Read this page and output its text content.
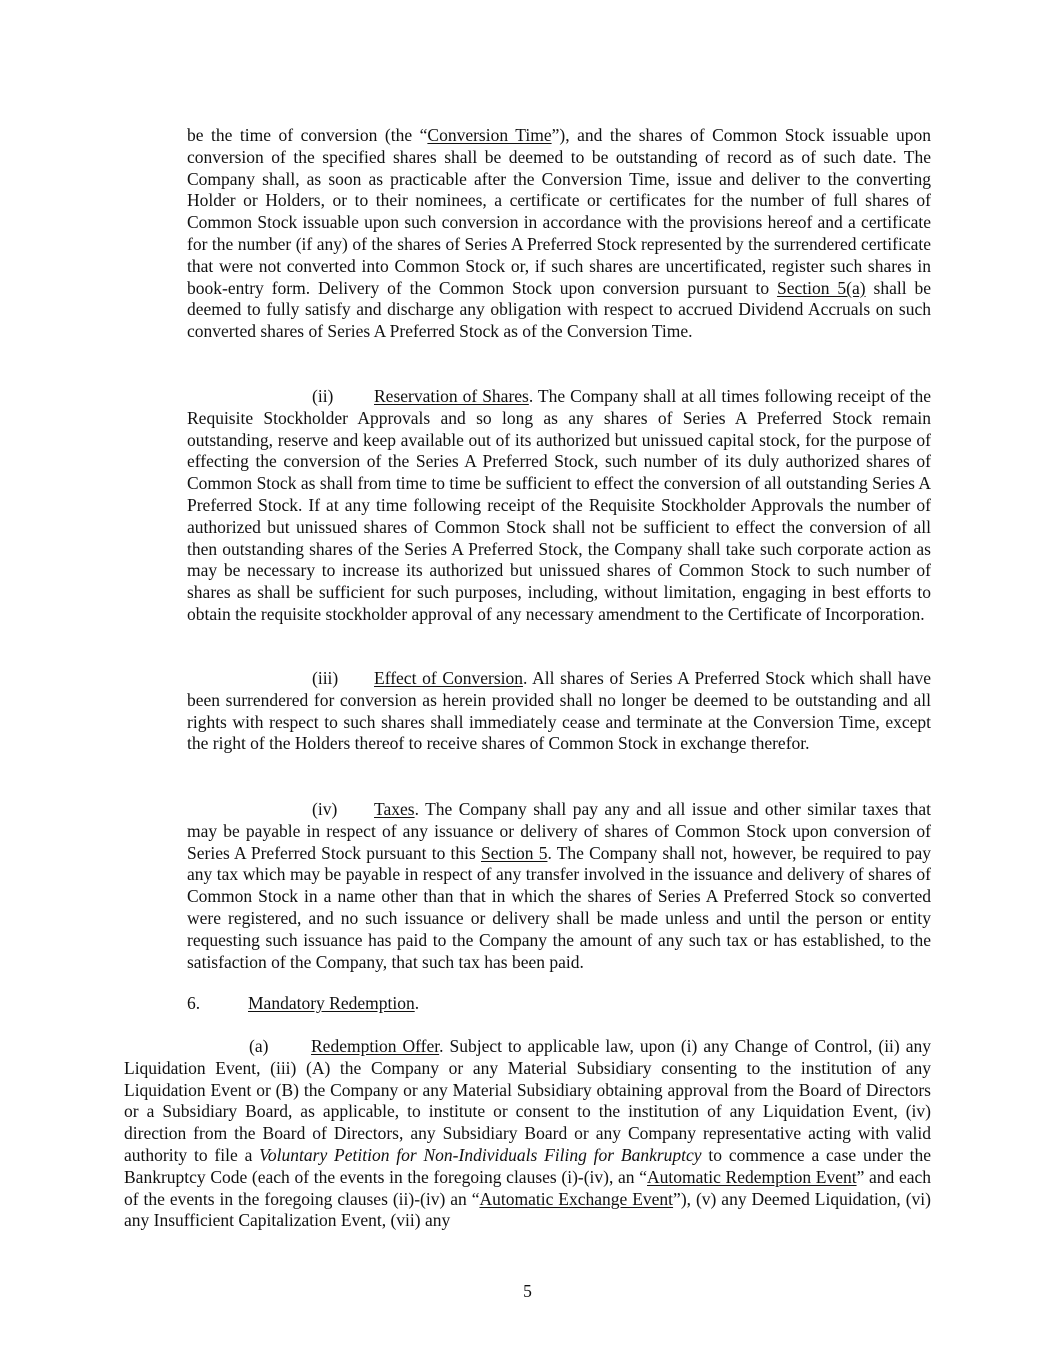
be the time of conversion (the “Conversion Time”), and the shares of Common Stock issuable upon conversion of the specified shares shall be deemed to be outstanding of record as of such date. The Company shall, as soon as practicable after the Conversion Time, issue and deliver to the converting Holder or Holders, or to their nominees, a certificate or certificates for the number of full shares of Common Stock issuable upon such conversion in accordance with the provisions hereof and a certificate for the number (if any) of the shares of Series A Preferred Stock represented by the surrendered certificate that were not converted into Common Stock or, if such shares are uncertificated, register such shares in book-entry form. Delivery of the Common Stock upon conversion pursuant to Section 5(a) shall be deemed to fully satisfy and discharge any obligation with respect to accrued Dividend Accruals on such converted shares of Series A Preferred Stock as of the Conversion Time.

(ii) Reservation of Shares. The Company shall at all times following receipt of the Requisite Stockholder Approvals and so long as any shares of Series A Preferred Stock remain outstanding, reserve and keep available out of its authorized but unissued capital stock, for the purpose of effecting the conversion of the Series A Preferred Stock, such number of its duly authorized shares of Common Stock as shall from time to time be sufficient to effect the conversion of all outstanding Series A Preferred Stock. If at any time following receipt of the Requisite Stockholder Approvals the number of authorized but unissued shares of Common Stock shall not be sufficient to effect the conversion of all then outstanding shares of the Series A Preferred Stock, the Company shall take such corporate action as may be necessary to increase its authorized but unissued shares of Common Stock to such number of shares as shall be sufficient for such purposes, including, without limitation, engaging in best efforts to obtain the requisite stockholder approval of any necessary amendment to the Certificate of Incorporation.

(iii) Effect of Conversion. All shares of Series A Preferred Stock which shall have been surrendered for conversion as herein provided shall no longer be deemed to be outstanding and all rights with respect to such shares shall immediately cease and terminate at the Conversion Time, except the right of the Holders thereof to receive shares of Common Stock in exchange therefor.

(iv) Taxes. The Company shall pay any and all issue and other similar taxes that may be payable in respect of any issuance or delivery of shares of Common Stock upon conversion of Series A Preferred Stock pursuant to this Section 5. The Company shall not, however, be required to pay any tax which may be payable in respect of any transfer involved in the issuance and delivery of shares of Common Stock in a name other than that in which the shares of Series A Preferred Stock so converted were registered, and no such issuance or delivery shall be made unless and until the person or entity requesting such issuance has paid to the Company the amount of any such tax or has established, to the satisfaction of the Company, that such tax has been paid.

6.	Mandatory Redemption.

(a) Redemption Offer. Subject to applicable law, upon (i) any Change of Control, (ii) any Liquidation Event, (iii) (A) the Company or any Material Subsidiary consenting to the institution of any Liquidation Event or (B) the Company or any Material Subsidiary obtaining approval from the Board of Directors or a Subsidiary Board, as applicable, to institute or consent to the institution of any Liquidation Event, (iv) direction from the Board of Directors, any Subsidiary Board or any Company representative acting with valid authority to file a Voluntary Petition for Non-Individuals Filing for Bankruptcy to commence a case under the Bankruptcy Code (each of the events in the foregoing clauses (i)-(iv), an “Automatic Redemption Event” and each of the events in the foregoing clauses (ii)-(iv) an “Automatic Exchange Event”), (v) any Deemed Liquidation, (vi) any Insufficient Capitalization Event, (vii) any

5
